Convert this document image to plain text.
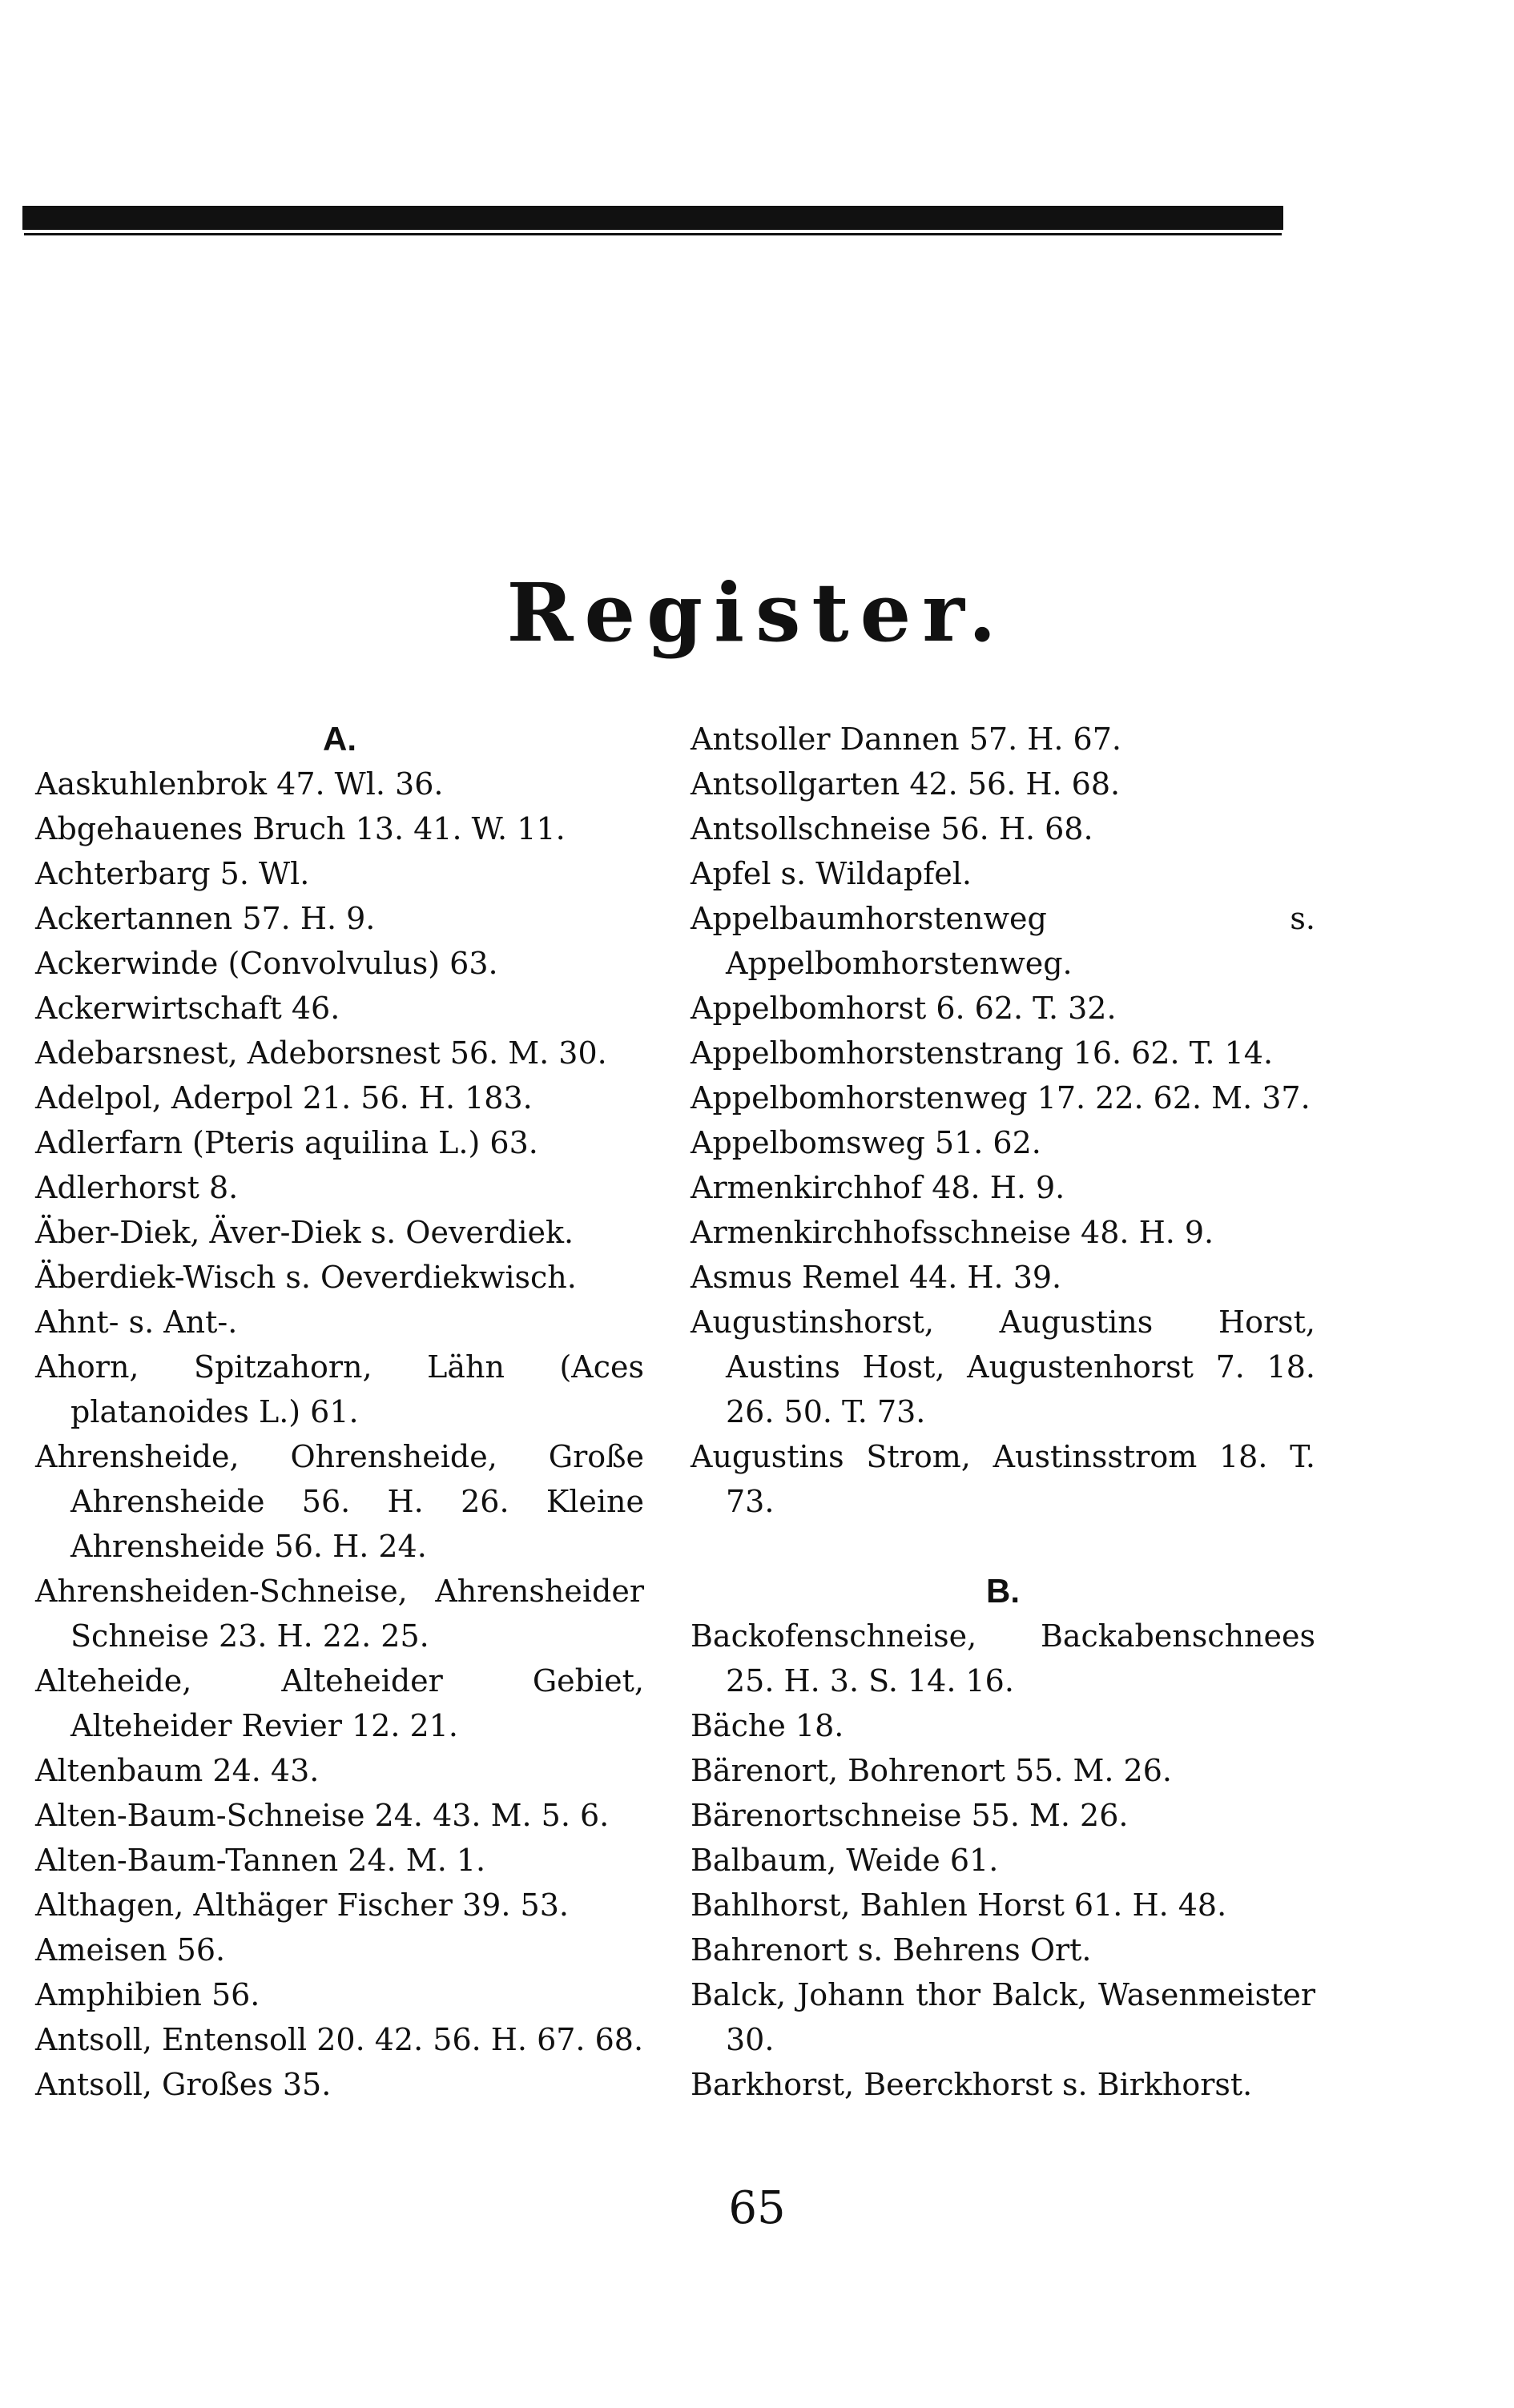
Register.
A.
Aaskuhlenbrok 47. Wl. 36.
Abgehauenes Bruch 13. 41. W. 11.
Achterbarg 5. Wl.
Ackertannen 57. H. 9.
Ackerwinde (Convolvulus) 63.
Ackerwirtschaft 46.
Adebarsnest, Adeborsnest 56. M. 30.
Adelpol, Aderpol 21. 56. H. 183.
Adlerfarn (Pteris aquilina L.) 63.
Adlerhorst 8.
Äber-Diek, Äver-Diek s. Oeverdiek.
Äberdiek-Wisch s. Oeverdiekwisch.
Ahnt- s. Ant-.
Ahorn, Spitzahorn, Lähn (Aces platanoides L.) 61.
Ahrensheide, Ohrensheide, Große Ahrensheide 56. H. 26. Kleine Ahrensheide 56. H. 24.
Ahrensheiden-Schneise, Ahrensheider Schneise 23. H. 22. 25.
Alteheide, Alteheider Gebiet, Alteheider Revier 12. 21.
Altenbaum 24. 43.
Alten-Baum-Schneise 24. 43. M. 5. 6.
Alten-Baum-Tannen 24. M. 1.
Althagen, Althäger Fischer 39. 53.
Ameisen 56.
Amphibien 56.
Antsoll, Entensoll 20. 42. 56. H. 67. 68.
Antsoll, Großes 35.
Antsoller Dannen 57. H. 67.
Antsollgarten 42. 56. H. 68.
Antsollschneise 56. H. 68.
Apfel s. Wildapfel.
Appelbaumhorstenweg s. Appelbomhorstenweg.
Appelbomhorst 6. 62. T. 32.
Appelbomhorstenstrang 16. 62. T. 14.
Appelbomhorstenweg 17. 22. 62. M. 37.
Appelbomsweg 51. 62.
Armenkirchhof 48. H. 9.
Armenkirchhofsschneise 48. H. 9.
Asmus Remel 44. H. 39.
Augustinshorst, Augustins Horst, Austins Host, Augustenhorst 7. 18. 26. 50. T. 73.
Augustins Strom, Austinsstrom 18. T. 73.
B.
Backofenschneise, Backabenschnees 25. H. 3. S. 14. 16.
Bäche 18.
Bärenort, Bohrenort 55. M. 26.
Bärenortschneise 55. M. 26.
Balbaum, Weide 61.
Bahlhorst, Bahlen Horst 61. H. 48.
Bahrenort s. Behrens Ort.
Balck, Johann thor Balck, Wasenmeister 30.
Barkhorst, Beerckhorst s. Birkhorst.
65
